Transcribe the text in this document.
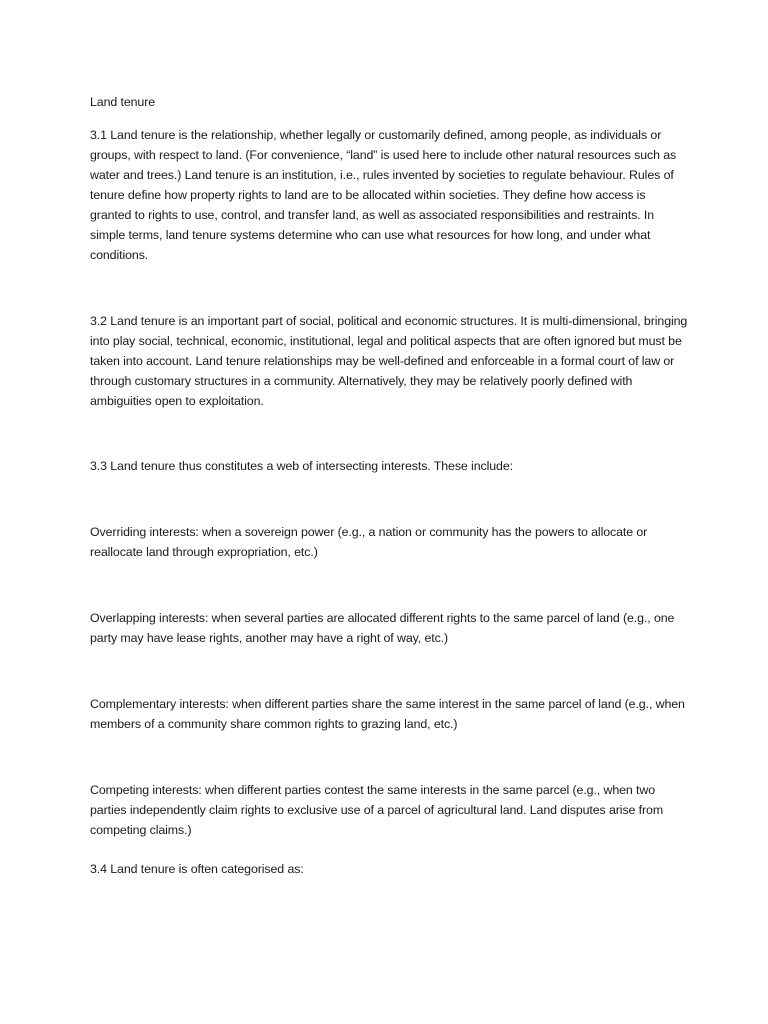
Land tenure

3.1 Land tenure is the relationship, whether legally or customarily defined, among people, as individuals or groups, with respect to land. (For convenience, “land” is used here to include other natural resources such as water and trees.) Land tenure is an institution, i.e., rules invented by societies to regulate behaviour. Rules of tenure define how property rights to land are to be allocated within societies. They define how access is granted to rights to use, control, and transfer land, as well as associated responsibilities and restraints. In simple terms, land tenure systems determine who can use what resources for how long, and under what conditions.

3.2 Land tenure is an important part of social, political and economic structures. It is multi-dimensional, bringing into play social, technical, economic, institutional, legal and political aspects that are often ignored but must be taken into account. Land tenure relationships may be well-defined and enforceable in a formal court of law or through customary structures in a community. Alternatively, they may be relatively poorly defined with ambiguities open to exploitation.

3.3 Land tenure thus constitutes a web of intersecting interests. These include:

Overriding interests: when a sovereign power (e.g., a nation or community has the powers to allocate or reallocate land through expropriation, etc.)

Overlapping interests: when several parties are allocated different rights to the same parcel of land (e.g., one party may have lease rights, another may have a right of way, etc.)

Complementary interests: when different parties share the same interest in the same parcel of land (e.g., when members of a community share common rights to grazing land, etc.)

Competing interests: when different parties contest the same interests in the same parcel (e.g., when two parties independently claim rights to exclusive use of a parcel of agricultural land. Land disputes arise from competing claims.)

3.4 Land tenure is often categorised as:
